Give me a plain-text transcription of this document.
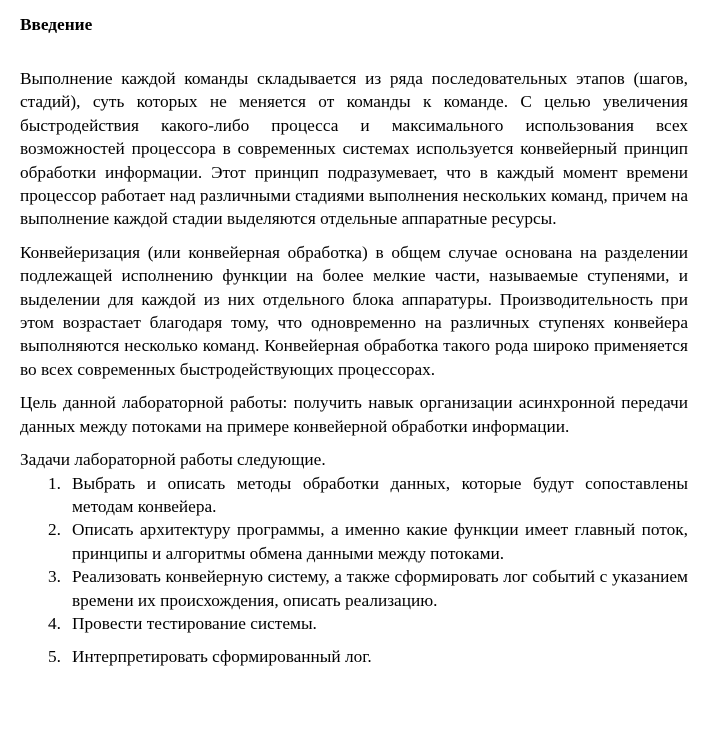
Введение

Выполнение каждой команды складывается из ряда последовательных этапов (шагов, стадий), суть которых не меняется от команды к команде. С целью увеличения быстродействия какого-либо процесса и максимального использования всех возможностей процессора в современных системах используется конвейерный принцип обработки информации. Этот принцип подразумевает, что в каждый момент времени процессор работает над различными стадиями выполнения нескольких команд, причем на выполнение каждой стадии выделяются отдельные аппаратные ресурсы.

Конвейеризация (или конвейерная обработка) в общем случае основана на разделении подлежащей исполнению функции на более мелкие части, называемые ступенями, и выделении для каждой из них отдельного блока аппаратуры. Производительность при этом возрастает благодаря тому, что одновременно на различных ступенях конвейера выполняются несколько команд. Конвейерная обработка такого рода широко применяется во всех современных быстродействующих процессорах.

Цель данной лабораторной работы: получить навык организации асинхронной передачи данных между потоками на примере конвейерной обработки информации.

Задачи лабораторной работы следующие.

1. Выбрать и описать методы обработки данных, которые будут сопоставлены методам конвейера.
2. Описать архитектуру программы, а именно какие функции имеет главный поток, принципы и алгоритмы обмена данными между потоками.
3. Реализовать конвейерную систему, а также сформировать лог событий с указанием времени их происхождения, описать реализацию.
4. Провести тестирование системы.
5. Интерпретировать сформированный лог.
